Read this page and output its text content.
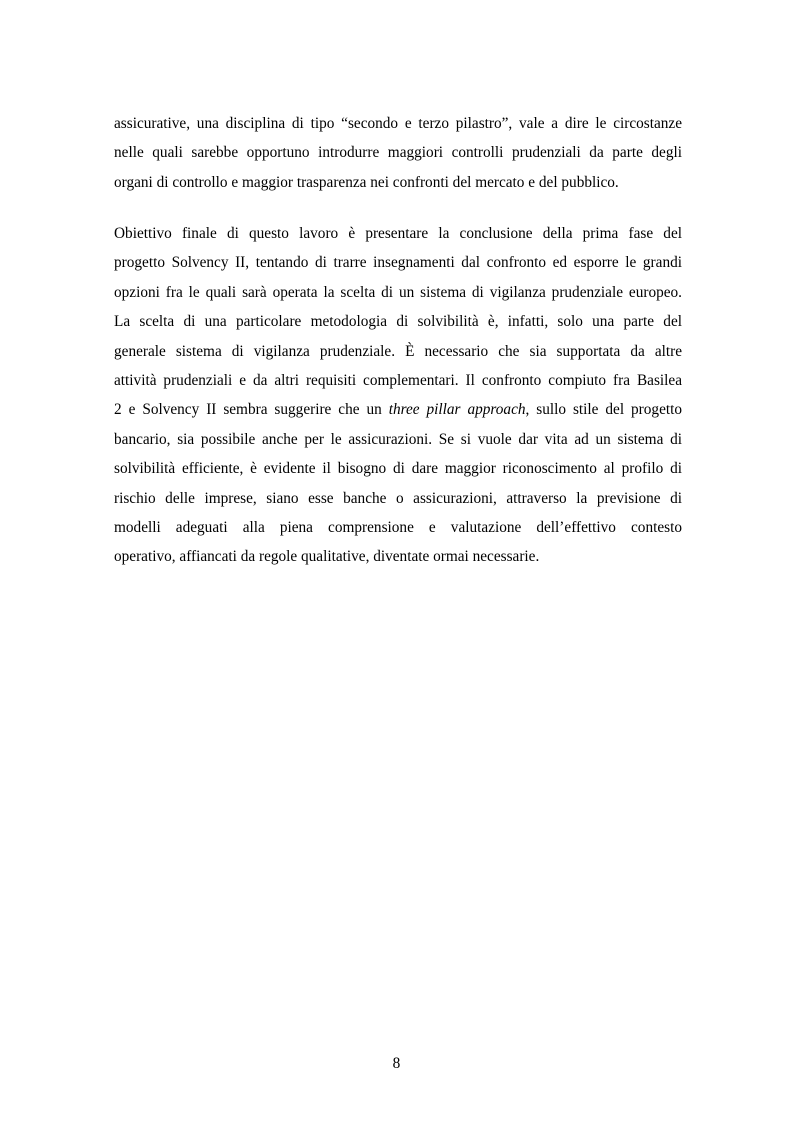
assicurative, una disciplina di tipo “secondo e terzo pilastro”, vale a dire le circostanze
nelle quali sarebbe opportuno introdurre maggiori controlli prudenziali da parte degli
organi di controllo e maggior trasparenza nei confronti del mercato e del pubblico.
Obiettivo finale di questo lavoro è presentare la conclusione della prima fase del
progetto Solvency II, tentando di trarre insegnamenti dal confronto ed esporre le grandi
opzioni fra le quali sarà operata la scelta di un sistema di vigilanza prudenziale europeo.
La scelta di una particolare metodologia di solvibilità è, infatti, solo una parte del
generale sistema di vigilanza prudenziale. È necessario che sia supportata da altre
attività prudenziali e da altri requisiti complementari. Il confronto compiuto fra Basilea
2 e Solvency II sembra suggerire che un three pillar approach, sullo stile del progetto
bancario, sia possibile anche per le assicurazioni. Se si vuole dar vita ad un sistema di
solvibilità efficiente, è evidente il bisogno di dare maggior riconoscimento al profilo di
rischio delle imprese, siano esse banche o assicurazioni, attraverso la previsione di
modelli adeguati alla piena comprensione e valutazione dell’effettivo contesto
operativo, affiancati da regole qualitative, diventate ormai necessarie.
8
